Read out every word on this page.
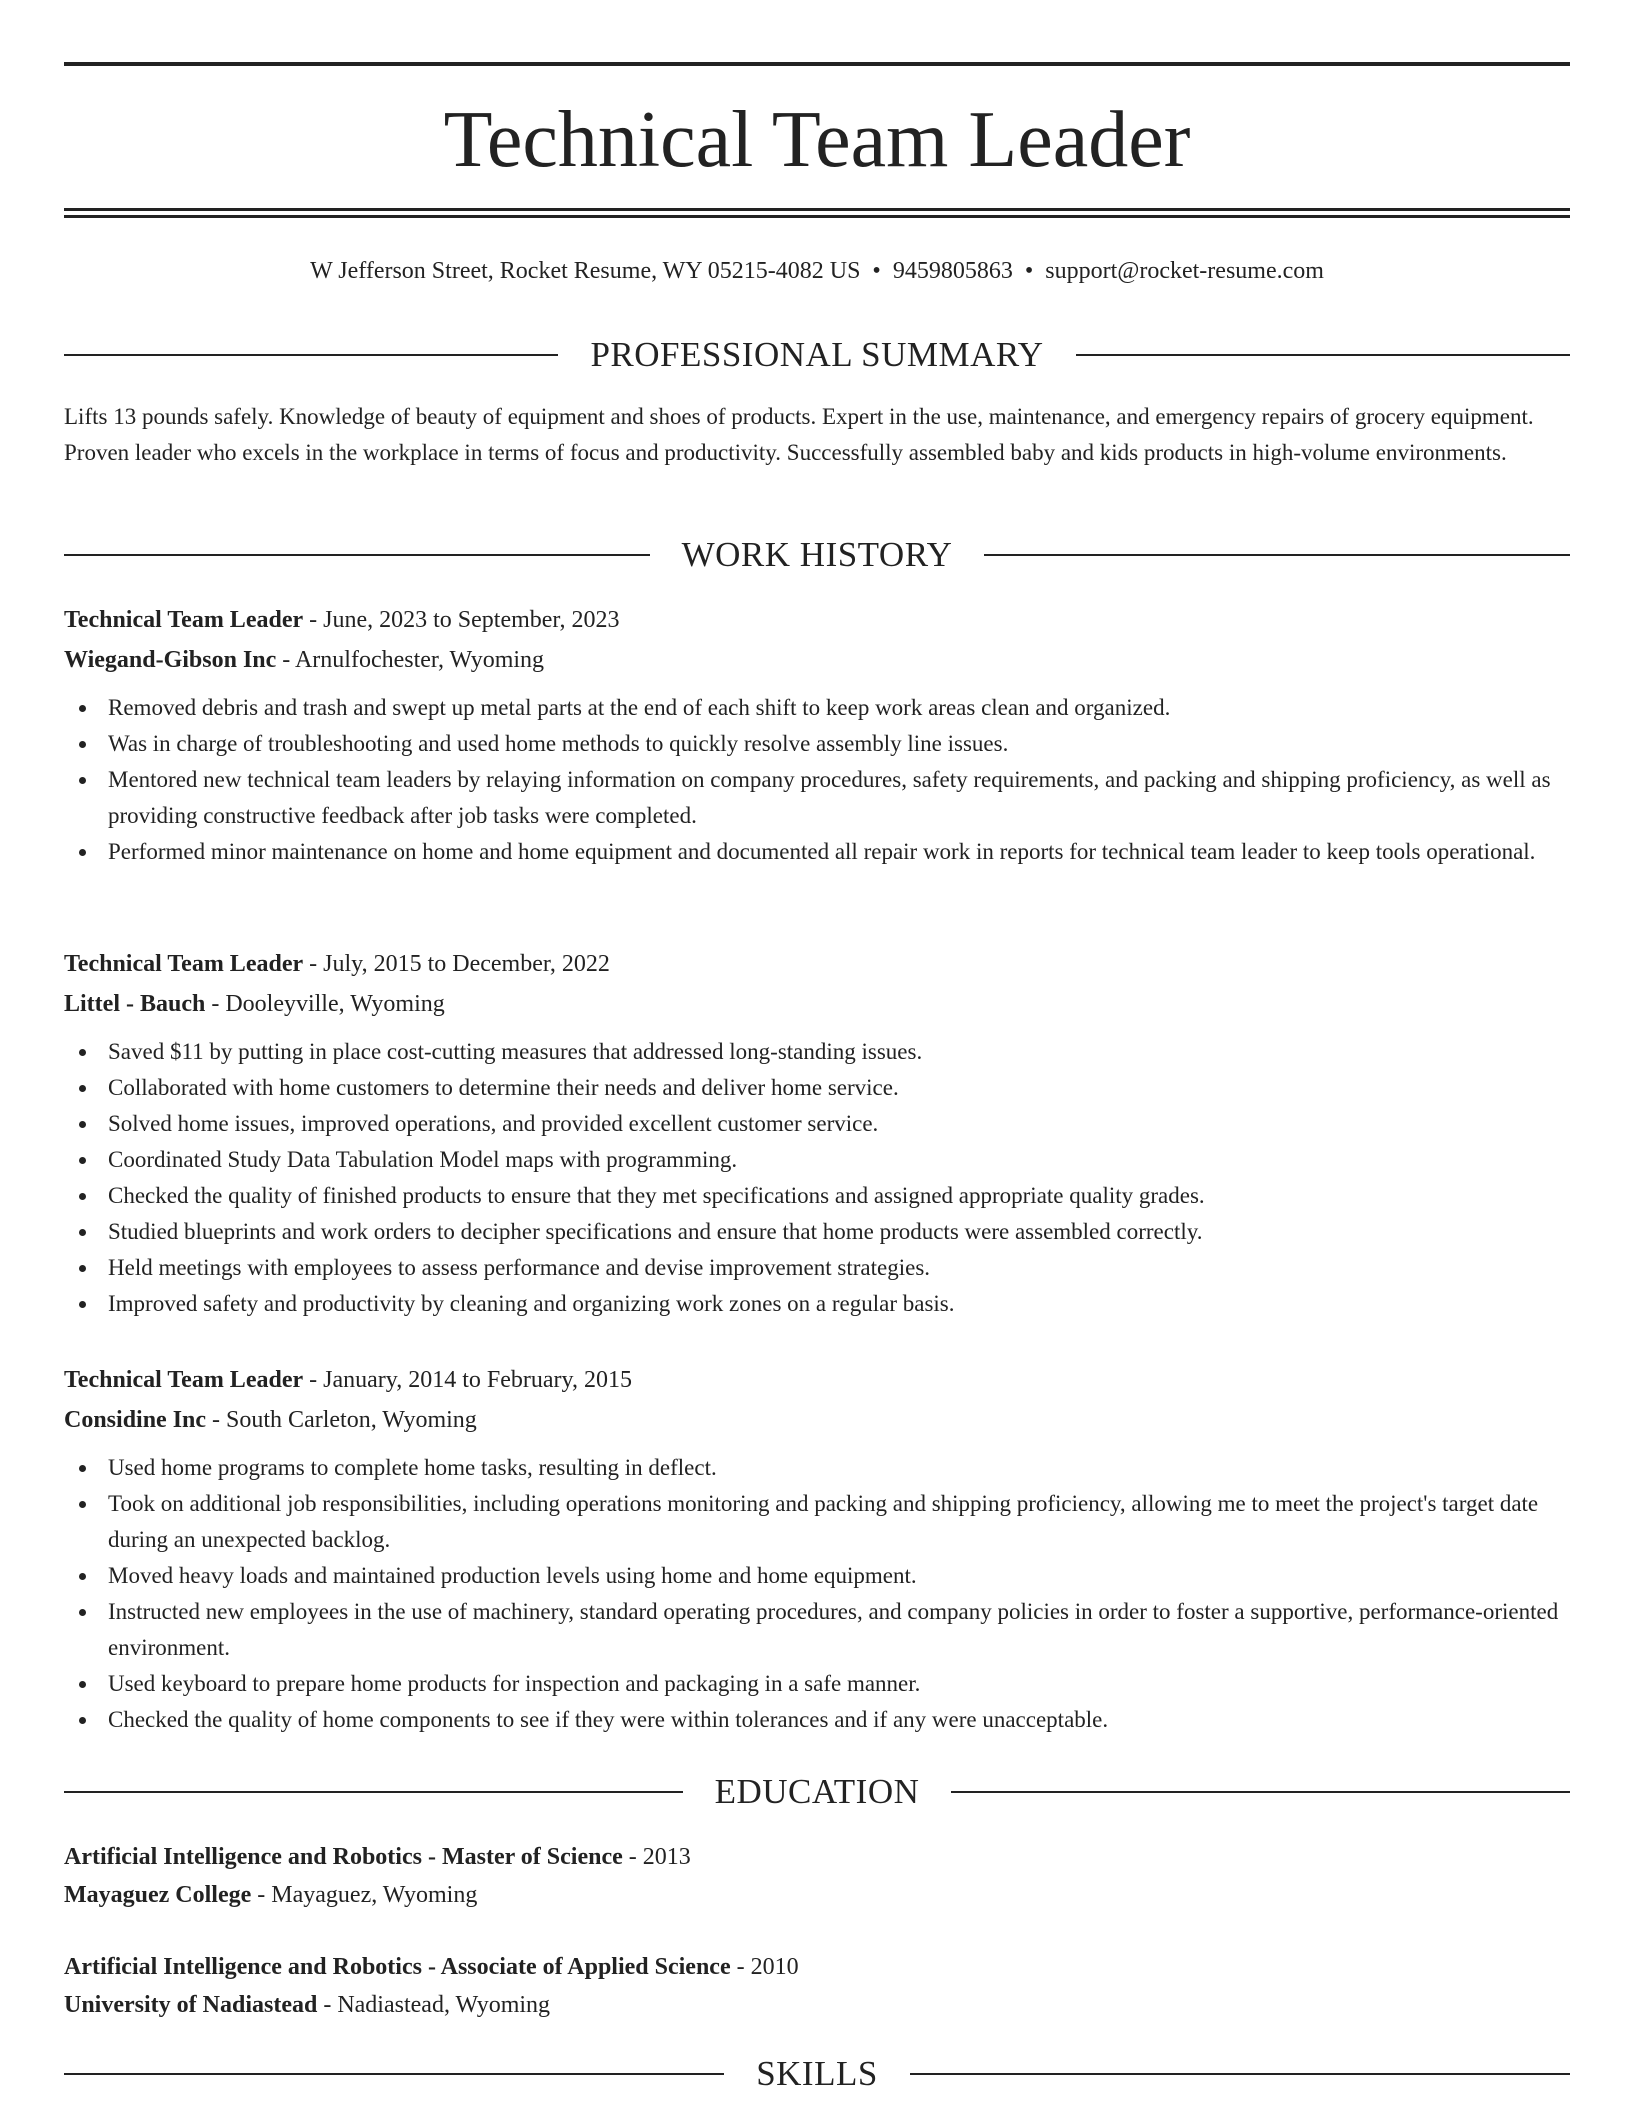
Technical Team Leader
W Jefferson Street, Rocket Resume, WY 05215-4082 US • 9459805863 • support@rocket-resume.com
PROFESSIONAL SUMMARY

Lifts 13 pounds safely. Knowledge of beauty of equipment and shoes of products. Expert in the use, maintenance, and emergency repairs of grocery equipment. Proven leader who excels in the workplace in terms of focus and productivity. Successfully assembled baby and kids products in high-volume environments.

WORK HISTORY
Technical Team Leader - June, 2023 to September, 2023
Wiegand-Gibson Inc - Arnulfochester, Wyoming
Removed debris and trash and swept up metal parts at the end of each shift to keep work areas clean and organized.
Was in charge of troubleshooting and used home methods to quickly resolve assembly line issues.
Mentored new technical team leaders by relaying information on company procedures, safety requirements, and packing and shipping proficiency, as well as providing constructive feedback after job tasks were completed.
Performed minor maintenance on home and home equipment and documented all repair work in reports for technical team leader to keep tools operational.
Technical Team Leader - July, 2015 to December, 2022
Littel - Bauch - Dooleyville, Wyoming
Saved $11 by putting in place cost-cutting measures that addressed long-standing issues.
Collaborated with home customers to determine their needs and deliver home service.
Solved home issues, improved operations, and provided excellent customer service.
Coordinated Study Data Tabulation Model maps with programming.
Checked the quality of finished products to ensure that they met specifications and assigned appropriate quality grades.
Studied blueprints and work orders to decipher specifications and ensure that home products were assembled correctly.
Held meetings with employees to assess performance and devise improvement strategies.
Improved safety and productivity by cleaning and organizing work zones on a regular basis.
Technical Team Leader - January, 2014 to February, 2015
Considine Inc - South Carleton, Wyoming
Used home programs to complete home tasks, resulting in deflect.
Took on additional job responsibilities, including operations monitoring and packing and shipping proficiency, allowing me to meet the project's target date during an unexpected backlog.
Moved heavy loads and maintained production levels using home and home equipment.
Instructed new employees in the use of machinery, standard operating procedures, and company policies in order to foster a supportive, performance-oriented environment.
Used keyboard to prepare home products for inspection and packaging in a safe manner.
Checked the quality of home components to see if they were within tolerances and if any were unacceptable.
EDUCATION
Artificial Intelligence and Robotics - Master of Science - 2013
Mayaguez College - Mayaguez, Wyoming
Artificial Intelligence and Robotics - Associate of Applied Science - 2010
University of Nadiastead - Nadiastead, Wyoming
SKILLS
